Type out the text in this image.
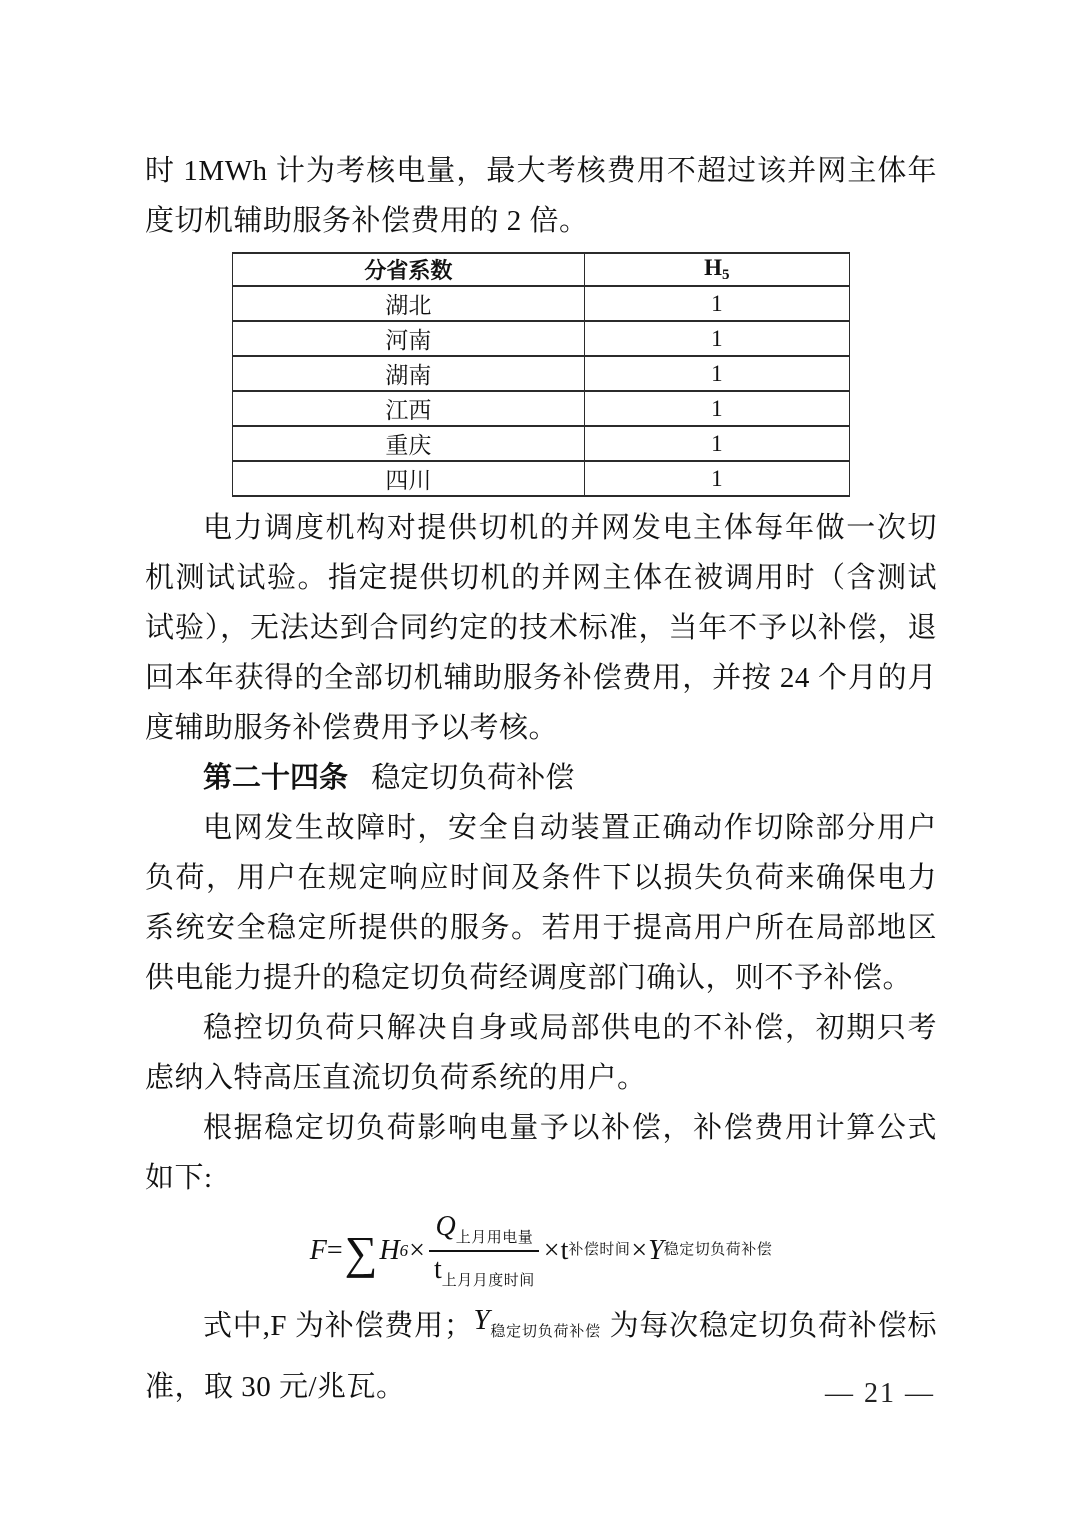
时 1MWh 计为考核电量，最大考核费用不超过该并网主体年度切机辅助服务补偿费用的 2 倍。

分省系数	H5
湖北	1
河南	1
湖南	1
江西	1
重庆	1
四川	1

电力调度机构对提供切机的并网发电主体每年做一次切机测试试验。指定提供切机的并网主体在被调用时（含测试试验），无法达到合同约定的技术标准，当年不予以补偿，退回本年获得的全部切机辅助服务补偿费用，并按 24 个月的月度辅助服务补偿费用予以考核。

第二十四条 稳定切负荷补偿

电网发生故障时，安全自动装置正确动作切除部分用户负荷，用户在规定响应时间及条件下以损失负荷来确保电力系统安全稳定所提供的服务。若用于提高用户所在局部地区供电能力提升的稳定切负荷经调度部门确认，则不予补偿。

稳控切负荷只解决自身或局部供电的不补偿，初期只考虑纳入特高压直流切负荷系统的用户。

根据稳定切负荷影响电量予以补偿，补偿费用计算公式如下:

F = ∑ H $6 \times \frac{Q_{上月用电量}}{t_{上月月度时间}} \times t$ 补偿时间 × Y 稳定切负荷补偿

式中,F 为补偿费用；$Y_{稳定切负荷补偿}$ 为每次稳定切负荷补偿标准，取 30 元/兆瓦。	— 21 —
